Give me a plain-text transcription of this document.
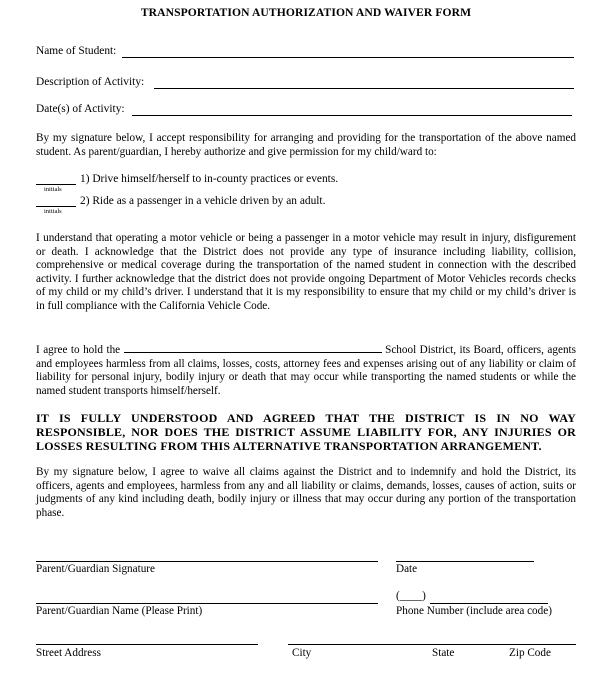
TRANSPORTATION AUTHORIZATION AND WAIVER FORM
Name of Student:
Description of Activity:
Date(s) of Activity:
By my signature below, I accept responsibility for arranging and providing for the transportation of the above named student. As parent/guardian, I hereby authorize and give permission for my child/ward to:
initials
1) Drive himself/herself to in-county practices or events.
initials
2) Ride as a passenger in a vehicle driven by an adult.
I understand that operating a motor vehicle or being a passenger in a motor vehicle may result in injury, disfigurement or death. I acknowledge that the District does not provide any type of insurance including liability, collision, comprehensive or medical coverage during the transportation of the named student in connection with the described activity. I further acknowledge that the district does not provide ongoing Department of Motor Vehicles records checks of my child or my child’s driver. I understand that it is my responsibility to ensure that my child or my child’s driver is in full compliance with the California Vehicle Code.
I agree to hold the	School District, its Board, officers, agents and employees harmless from all claims, losses, costs, attorney fees and expenses arising out of any liability or claim of liability for personal injury, bodily injury or death that may occur while transporting the named students or while the named student transports himself/herself.
IT IS FULLY UNDERSTOOD AND AGREED THAT THE DISTRICT IS IN NO WAY RESPONSIBLE, NOR DOES THE DISTRICT ASSUME LIABILITY FOR, ANY INJURIES OR LOSSES RESULTING FROM THIS ALTERNATIVE TRANSPORTATION ARRANGEMENT.
By my signature below, I agree to waive all claims against the District and to indemnify and hold the District, its officers, agents and employees, harmless from any and all liability or claims, demands, losses, causes of action, suits or judgments of any kind including death, bodily injury or illness that may occur during any portion of the transportation phase.
Parent/Guardian Signature	Date
Parent/Guardian Name (Please Print)
(____)
Phone Number (include area code)
Street Address	City	State	Zip Code
